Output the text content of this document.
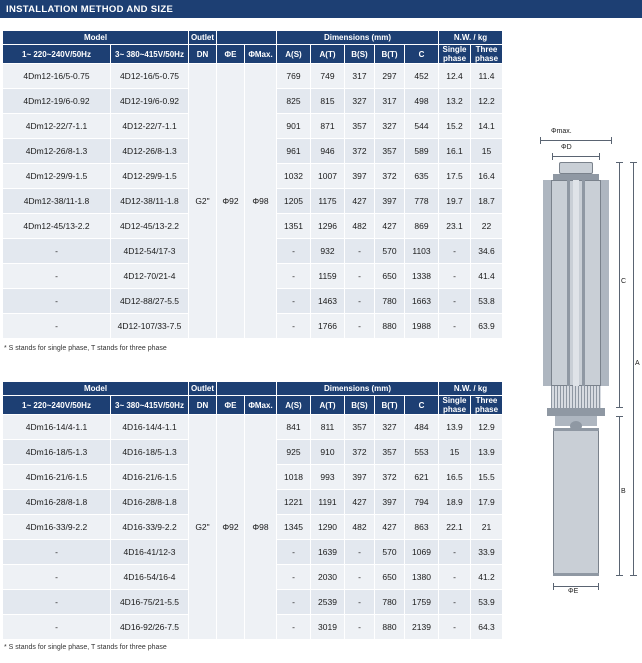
INSTALLATION METHOD AND SIZE
Model		Outlet			Dimensions (mm)					N.W. / kg	
1~ 220~240V/50Hz	3~ 380~415V/50Hz	DN	ΦE	ΦMax.	A(S)	A(T)	B(S)	B(T)	C	Single phase	Three phase
4Dm12-16/5-0.75	4D12-16/5-0.75	G2"	Φ92	Φ98	769	749	317	297	452	12.4	11.4
4Dm12-19/6-0.92	4D12-19/6-0.92				825	815	327	317	498	13.2	12.2
4Dm12-22/7-1.1	4D12-22/7-1.1				901	871	357	327	544	15.2	14.1
4Dm12-26/8-1.3	4D12-26/8-1.3				961	946	372	357	589	16.1	15
4Dm12-29/9-1.5	4D12-29/9-1.5				1032	1007	397	372	635	17.5	16.4
4Dm12-38/11-1.8	4D12-38/11-1.8				1205	1175	427	397	778	19.7	18.7
4Dm12-45/13-2.2	4D12-45/13-2.2				1351	1296	482	427	869	23.1	22
-	4D12-54/17-3				-	932	-	570	1103	-	34.6
-	4D12-70/21-4				-	1159	-	650	1338	-	41.4
-	4D12-88/27-5.5				-	1463	-	780	1663	-	53.8
-	4D12-107/33-7.5				-	1766	-	880	1988	-	63.9
* S stands for single phase, T stands for three phase
Model		Outlet			Dimensions (mm)					N.W. / kg	
1~ 220~240V/50Hz	3~ 380~415V/50Hz	DN	ΦE	ΦMax.	A(S)	A(T)	B(S)	B(T)	C	Single phase	Three phase
4Dm16-14/4-1.1	4D16-14/4-1.1	G2"	Φ92	Φ98	841	811	357	327	484	13.9	12.9
4Dm16-18/5-1.3	4D16-18/5-1.3				925	910	372	357	553	15	13.9
4Dm16-21/6-1.5	4D16-21/6-1.5				1018	993	397	372	621	16.5	15.5
4Dm16-28/8-1.8	4D16-28/8-1.8				1221	1191	427	397	794	18.9	17.9
4Dm16-33/9-2.2	4D16-33/9-2.2				1345	1290	482	427	863	22.1	21
-	4D16-41/12-3				-	1639	-	570	1069	-	33.9
-	4D16-54/16-4				-	2030	-	650	1380	-	41.2
-	4D16-75/21-5.5				-	2539	-	780	1759	-	53.9
-	4D16-92/26-7.5				-	3019	-	880	2139	-	64.3
* S stands for single phase, T stands for three phase
Φmax.
ΦD
A
B
C
ΦE
